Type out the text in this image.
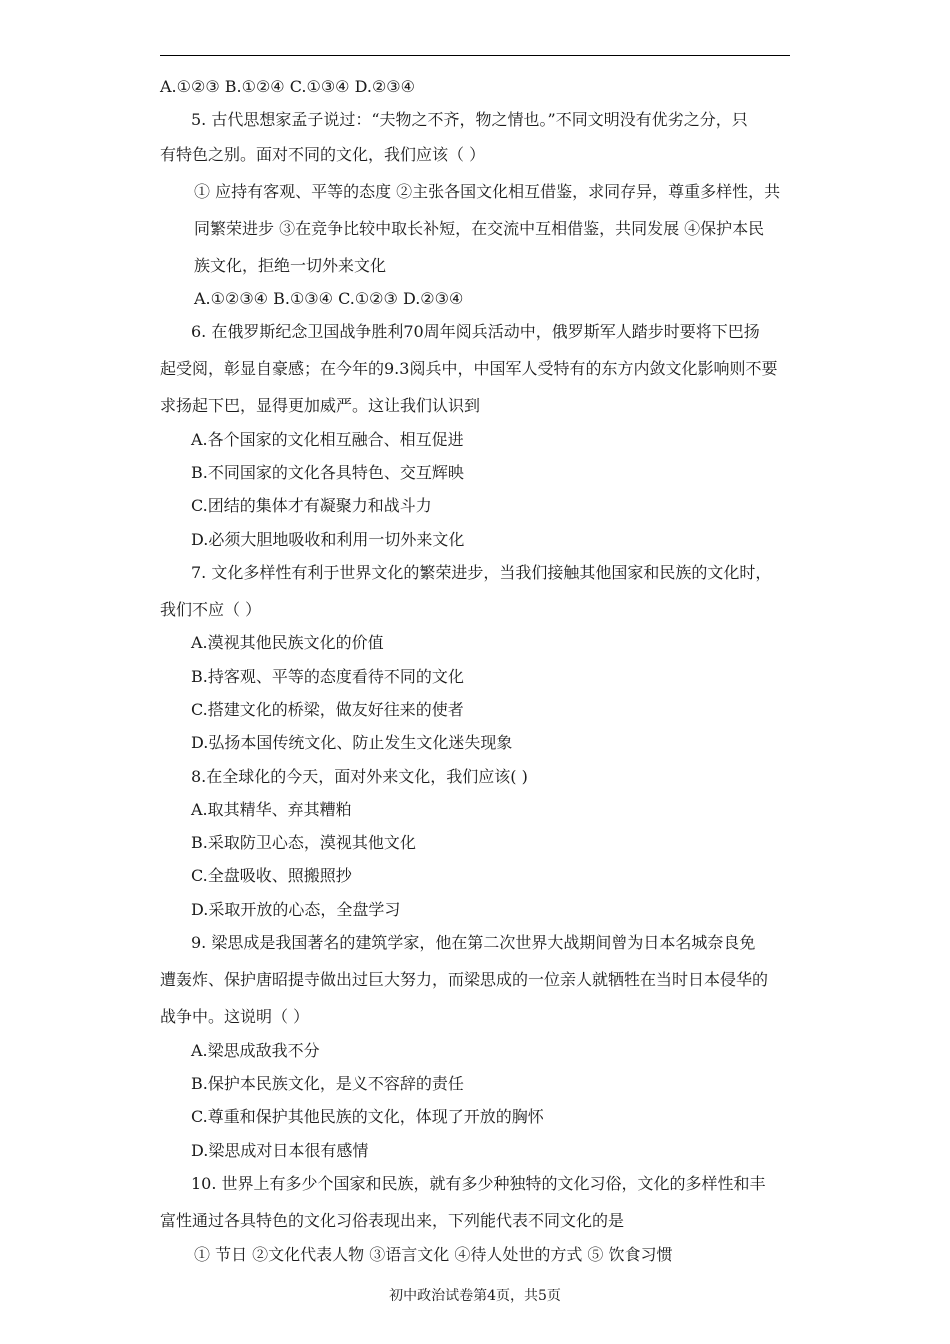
A.①②③ B.①②④ C.①③④ D.②③④
5. 古代思想家孟子说过：“夫物之不齐，物之情也。”不同文明没有优劣之分，只
有特色之别。面对不同的文化，我们应该（ ）
① 应持有客观、平等的态度 ②主张各国文化相互借鉴，求同存异，尊重多样性，共
同繁荣进步 ③在竞争比较中取长补短，在交流中互相借鉴，共同发展 ④保护本民
族文化，拒绝一切外来文化
A.①②③④ B.①③④ C.①②③ D.②③④
6. 在俄罗斯纪念卫国战争胜利70周年阅兵活动中，俄罗斯军人踏步时要将下巴扬
起受阅，彰显自豪感；在今年的9.3阅兵中，中国军人受特有的东方内敛文化影响则不要
求扬起下巴，显得更加威严。这让我们认识到
A.各个国家的文化相互融合、相互促进
B.不同国家的文化各具特色、交互辉映
C.团结的集体才有凝聚力和战斗力
D.必须大胆地吸收和利用一切外来文化
7. 文化多样性有利于世界文化的繁荣进步，当我们接触其他国家和民族的文化时，
我们不应（ ）
A.漠视其他民族文化的价值
B.持客观、平等的态度看待不同的文化
C.搭建文化的桥梁，做友好往来的使者
D.弘扬本国传统文化、防止发生文化迷失现象
8.在全球化的今天，面对外来文化，我们应该( )
A.取其精华、弃其糟粕
B.采取防卫心态，漠视其他文化
C.全盘吸收、照搬照抄
D.采取开放的心态，全盘学习
9. 梁思成是我国著名的建筑学家，他在第二次世界大战期间曾为日本名城奈良免
遭轰炸、保护唐昭提寺做出过巨大努力，而梁思成的一位亲人就牺牲在当时日本侵华的
战争中。这说明（ ）
A.梁思成敌我不分
B.保护本民族文化，是义不容辞的责任
C.尊重和保护其他民族的文化，体现了开放的胸怀
D.梁思成对日本很有感情
10. 世界上有多少个国家和民族，就有多少种独特的文化习俗，文化的多样性和丰
富性通过各具特色的文化习俗表现出来，下列能代表不同文化的是
① 节日 ②文化代表人物 ③语言文化 ④待人处世的方式 ⑤ 饮食习惯
初中政治试卷第4页，共5页
